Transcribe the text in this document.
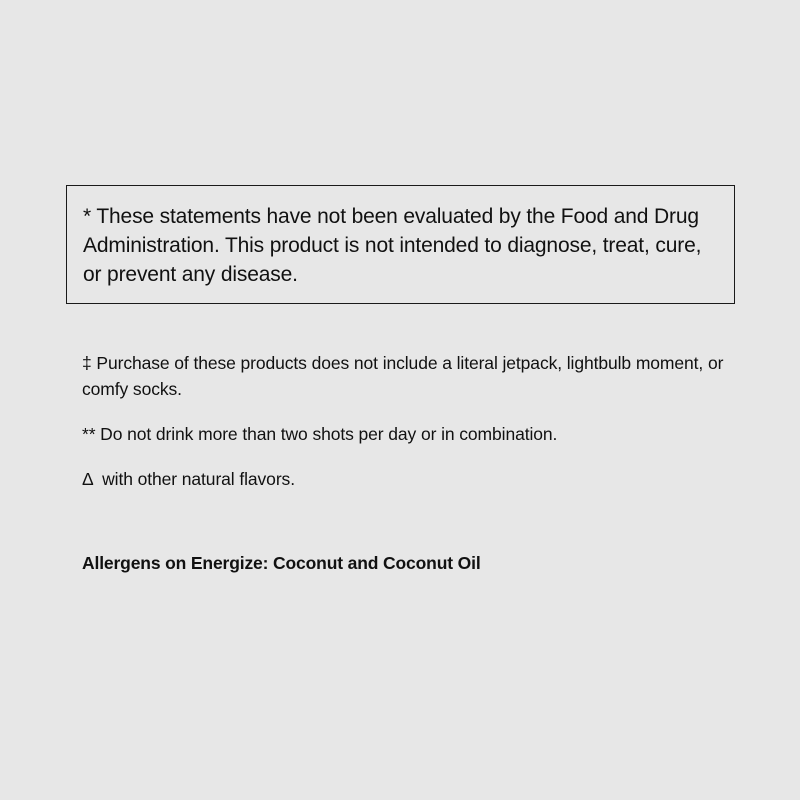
* These statements have not been evaluated by the Food and Drug Administration. This product is not intended to diagnose, treat, cure, or prevent any disease.

‡ Purchase of these products does not include a literal jetpack, lightbulb moment, or comfy socks.

** Do not drink more than two shots per day or in combination.

Δ  with other natural flavors.

Allergens on Energize: Coconut and Coconut Oil
